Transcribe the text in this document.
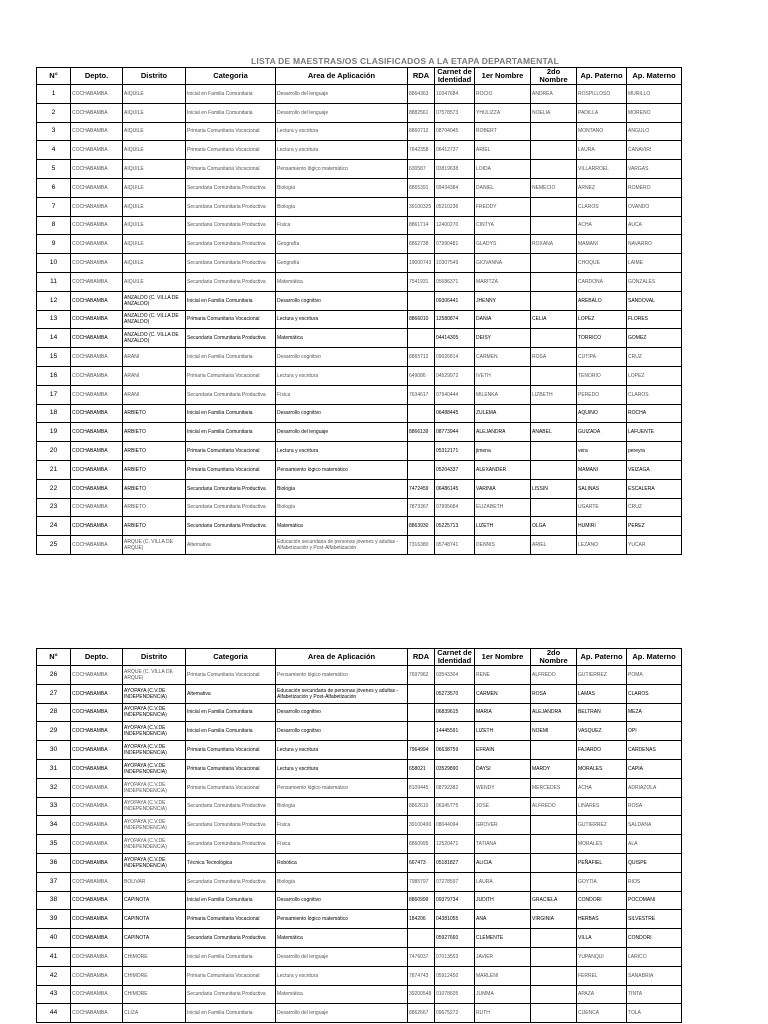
LISTA DE MAESTRAS/OS CLASIFICADOS A LA ETAPA DEPARTAMENTAL
N°	Depto.	Distrito	Categoria	Area de Aplicación	RDA	Carnet de Identidad	1er Nombre	2do Nombre	Ap. Paterno	Ap. Materno
1	COCHABAMBA	AIQUILE	Inicial en Familia Comunitaria	Desarrollo del lenguaje	8864363	10347684	ROCIO	ANDREA	ROSPILLOSO	MURILLO
2	COCHABAMBA	AIQUILE	Inicial en Familia Comunitaria	Desarrollo del lenguaje	8882561	07578573	YHULIZZA	NOELIA	PADILLA	MORENO
3	COCHABAMBA	AIQUILE	Primaria Comunitaria Vocacional	Lectura y escritura	8860712	08704045	ROBERT		MONTANO	ANGULO
4	COCHABAMBA	AIQUILE	Primaria Comunitaria Vocacional	Lectura y escritura	7642358	06412737	ARIEL		LAURA	CANAVIRI
5	COCHABAMBA	AIQUILE	Primaria Comunitaria Vocacional	Pensamiento lógico matemático	630587	03819638	LOIDA		VILLARROEL	VARGAS
6	COCHABAMBA	AIQUILE	Secundaria Comunitaria Productiva	Biología	8865391	09434384	DANIEL	NEMECIO	ARNEZ	ROMERO
7	COCHABAMBA	AIQUILE	Secundaria Comunitaria Productiva	Biología	39100325	05210236	FREDDY		CLAROS	OVANDO
8	COCHABAMBA	AIQUILE	Secundaria Comunitaria Productiva	Física	8861714	12400270	CINTYA		ACHA	AUCA
9	COCHABAMBA	AIQUILE	Secundaria Comunitaria Productiva	Geografía	8862738	07990481	GLADYS	ROXANA	MAMANI	NAVARRO
10	COCHABAMBA	AIQUILE	Secundaria Comunitaria Productiva	Geografía	19000743	10307549	GIOVANNA		CHOQUE	LAIME
11	COCHABAMBA	AIQUILE	Secundaria Comunitaria Productiva	Matemática	7541931	05686371	MARITZA		CARDONA	GONZALES
12	COCHABAMBA	ANZALDO (C. VILLA DE ANZALDO)	Inicial en Familia Comunitaria	Desarrollo cognitivo		09306441	JHENNY		AREBALO	SANDOVAL
13	COCHABAMBA	ANZALDO (C. VILLA DE ANZALDO)	Primaria Comunitaria Vocacional	Lectura y escritura	8866010	12580874	DANIA	CELIA	LOPEZ	FLORES
14	COCHABAMBA	ANZALDO (C. VILLA DE ANZALDO)	Secundaria Comunitaria Productiva	Matemática		04414305	DEISY		TORRICO	GOMEZ
15	COCHABAMBA	ARANI	Inicial en Familia Comunitaria	Desarrollo cognitivo	8865712	09026814	CARMEN	ROSA	CUTIPA	CRUZ
16	COCHABAMBA	ARANI	Primaria Comunitaria Vocacional	Lectura y escritura	649086	04529972	IVETH		TENORIO	LOPEZ
17	COCHABAMBA	ARANI	Secundaria Comunitaria Productiva	Física	7634617	07940444	MILENKA	LIZBETH	PEREDO	CLAROS
18	COCHABAMBA	ARBIETO	Inicial en Familia Comunitaria	Desarrollo cognitivo		06488445	ZULEMA		AQUINO	ROCHA
19	COCHABAMBA	ARBIETO	Inicial en Familia Comunitaria	Desarrollo del lenguaje	8866139	08773944	ALEJANDRA	ANABEL	GUIZADA	LAFUENTE
20	COCHABAMBA	ARBIETO	Primaria Comunitaria Vocacional	Lectura y escritura		05312171	jimena		vera	pereyra
21	COCHABAMBA	ARBIETO	Primaria Comunitaria Vocacional	Pensamiento lógico matemático		05204337	ALEXANDER		MAMANI	VEIZAGA
22	COCHABAMBA	ARBIETO	Secundaria Comunitaria Productiva	Biología	7472459	06486145	VARINIA	LISSIN	SALINAS	ESCALERA
23	COCHABAMBA	ARBIETO	Secundaria Comunitaria Productiva	Biología	7873367	07995684	ELIZABETH		UGARTE	CRUZ
24	COCHABAMBA	ARBIETO	Secundaria Comunitaria Productiva	Matemática	8863930	05225713	LIZETH	OLGA	HUMIRI	PEREZ
25	COCHABAMBA	ARQUE (C. VILLA DE ARQUE)	Alternativa	Educación secundaria de personas jóvenes y adultas - Alfabetización y Post-Alfabetización	7316380	05748741	DENNIS	ARIEL	LEZANO	YUCAR
N°	Depto.	Distrito	Categoria	Area de Aplicación	RDA	Carnet de Identidad	1er Nombre	2do Nombre	Ap. Paterno	Ap. Materno
26	COCHABAMBA	ARQUE (C. VILLA DE ARQUE)	Primaria Comunitaria Vocacional	Pensamiento lógico matemático	7697962	03543304	RENE	ALFREDO	GUTIERREZ	POMA
27	COCHABAMBA	AYOPAYA (C.V.DE INDEPENDENCIA)	Alternativa	Educación secundaria de personas jóvenes y adultas - Alfabetización y Post-Alfabetización		05273570	CARMEN	ROSA	LAMAS	CLAROS
28	COCHABAMBA	AYOPAYA (C.V.DE INDEPENDENCIA)	Inicial en Familia Comunitaria	Desarrollo cognitivo		06839615	MARIA	ALEJANDRA	BELTRAN	MEZA
29	COCHABAMBA	AYOPAYA (C.V.DE INDEPENDENCIA)	Inicial en Familia Comunitaria	Desarrollo cognitivo		14445591	LIZETH	NOEMI	VASQUEZ	OPI
30	COCHABAMBA	AYOPAYA (C.V.DE INDEPENDENCIA)	Primaria Comunitaria Vocacional	Lectura y escritura	7964994	06638759	EFRAIN		FAJARDO	CARDENAS
31	COCHABAMBA	AYOPAYA (C.V.DE INDEPENDENCIA)	Primaria Comunitaria Vocacional	Lectura y escritura	658021	03529890	DAYSI	MARDY	MORALES	CAPIA
32	COCHABAMBA	AYOPAYA (C.V.DE INDEPENDENCIA)	Primaria Comunitaria Vocacional	Pensamiento lógico matemático	8109445	08792382	WENDY	MERCEDES	ACHA	ADRIAZOLA
33	COCHABAMBA	AYOPAYA (C.V.DE INDEPENDENCIA)	Secundaria Comunitaria Productiva	Biología	8862610	06345775	JOSE	ALFREDO	LINARES	ROSA
34	COCHABAMBA	AYOPAYA (C.V.DE INDEPENDENCIA)	Secundaria Comunitaria Productiva	Física	39100490	08044094	GROVER		GUTIERREZ	SALDANA
35	COCHABAMBA	AYOPAYA (C.V.DE INDEPENDENCIA)	Secundaria Comunitaria Productiva	Física	8860995	12520471	TATIANA		MORALES	ALA
36	COCHABAMBA	AYOPAYA (C.V.DE INDEPENDENCIA)	Técnica Tecnológica	Robótica	667473	05181827	ALICIA		PEÑAFIEL	QUISPE
37	COCHABAMBA	BOLIVAR	Secundaria Comunitaria Productiva	Biología	7985797	07278597	LAURA		GOYTIA	RIOS
38	COCHABAMBA	CAPINOTA	Inicial en Familia Comunitaria	Desarrollo cognitivo	8860999	09379734	JUDITH	GRACIELA	CONDORI	POCOMANI
39	COCHABAMBA	CAPINOTA	Primaria Comunitaria Vocacional	Pensamiento lógico matemático	184206	04381055	ANA	VIRGINIA	HERBAS	SILVESTRE
40	COCHABAMBA	CAPINOTA	Secundaria Comunitaria Productiva	Matemática		05927660	CLEMENTE		VILLA	CONDORI
41	COCHABAMBA	CHIMORE	Inicial en Familia Comunitaria	Desarrollo del lenguaje	7476037	07013553	JAVIER		YUPANQUI	LARICO
42	COCHABAMBA	CHIMORE	Primaria Comunitaria Vocacional	Lectura y escritura	7874743	05912450	MARLENI		FERREL	SANABRIA
43	COCHABAMBA	CHIMORE	Secundaria Comunitaria Productiva	Matemática	39200548	01078605	JUMMA		APAZA	TINTA
44	COCHABAMBA	CLIZA	Inicial en Familia Comunitaria	Desarrollo del lenguaje	8862667	09675272	RUTH		CUENCA	TOLA
